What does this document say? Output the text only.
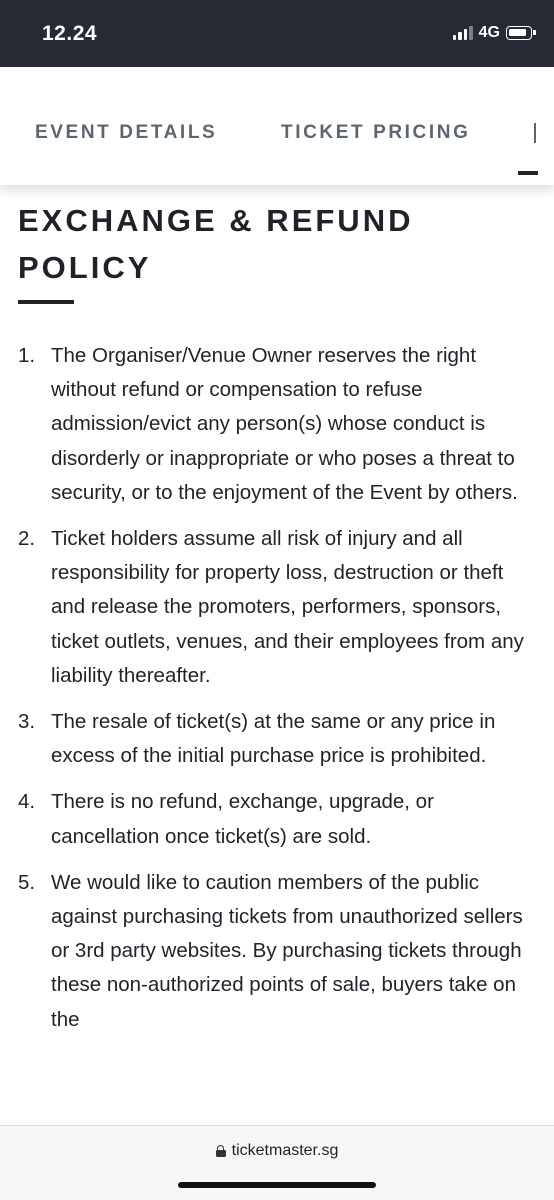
12.24	4G
EVENT DETAILS	TICKET PRICING
EXCHANGE & REFUND POLICY
1. The Organiser/Venue Owner reserves the right without refund or compensation to refuse admission/evict any person(s) whose conduct is disorderly or inappropriate or who poses a threat to security, or to the enjoyment of the Event by others.
2. Ticket holders assume all risk of injury and all responsibility for property loss, destruction or theft and release the promoters, performers, sponsors, ticket outlets, venues, and their employees from any liability thereafter.
3. The resale of ticket(s) at the same or any price in excess of the initial purchase price is prohibited.
4. There is no refund, exchange, upgrade, or cancellation once ticket(s) are sold.
5. We would like to caution members of the public against purchasing tickets from unauthorized sellers or 3rd party websites. By purchasing tickets through these non-authorized points of sale, buyers take on the
ticketmaster.sg
